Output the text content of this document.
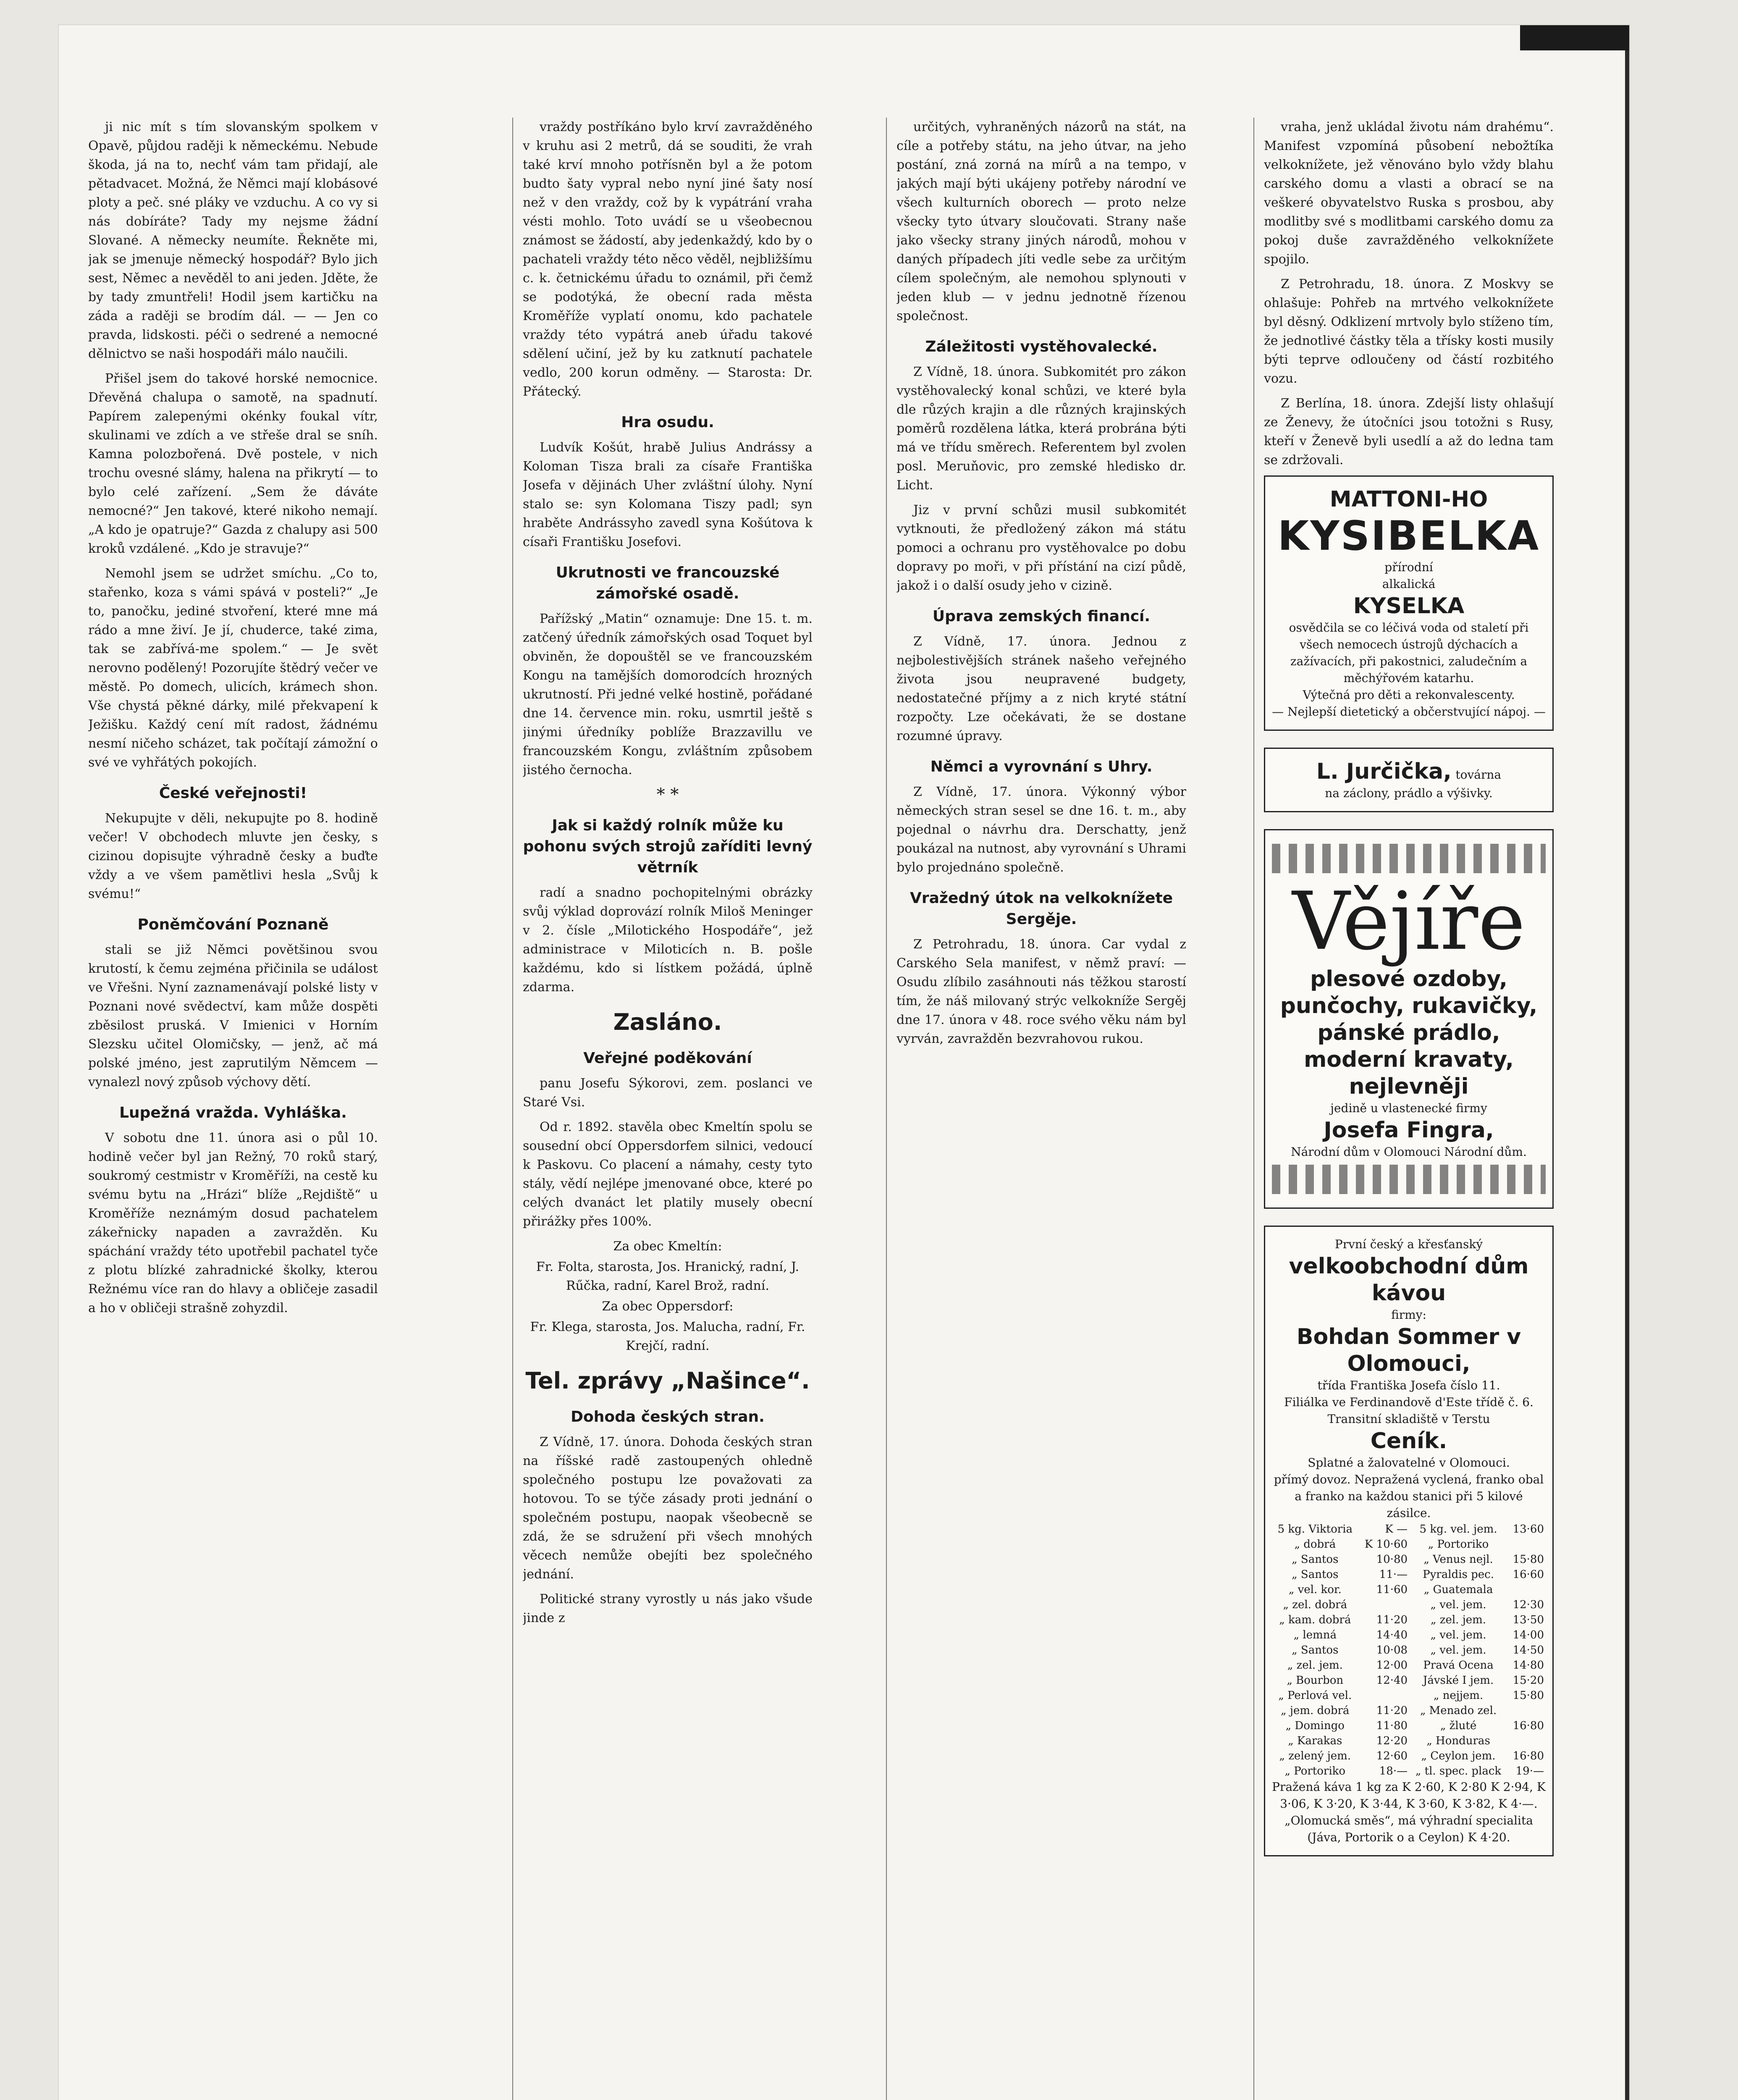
ji nic mít s tím slovanským spolkem v Opavě, půjdou raději k německému. Nebude škoda, já na to, nechť vám tam přidají, ale pětadvacet. Možná, že Němci mají klobásové ploty a peč. sné pláky ve vzduchu. A co vy si nás dobíráte? Tady my nejsme žádní Slované. A německy neumíte. Řekněte mi, jak se jmenuje německý hospodář? Bylo jich sest, Němec a nevěděl to ani jeden. Jděte, že by tady zmuntřeli! Hodil jsem kartičku na záda a raději se brodím dál. — — Jen co pravda, lidskosti. péči o sedrené a nemocné dělnictvo se naši hospodáři málo naučili.

Přišel jsem do takové horské nemocnice. Dřevěná chalupa o samotě, na spadnutí. Papírem zalepenými okénky foukal vítr, skulinami ve zdích a ve střeše dral se sníh. Kamna polozbořená. Dvě postele, v nich trochu ovesné slámy, halena na přikrytí — to bylo celé zařízení. „Sem že dáváte nemocné?“ Jen takové, které nikoho nemají. „A kdo je opatruje?“ Gazda z chalupy asi 500 kroků vzdálené. „Kdo je stravuje?“

Nemohl jsem se udržet smíchu. „Co to, stařenko, koza s vámi spává v posteli?“ „Je to, panočku, jediné stvoření, které mne má rádo a mne živí. Je jí, chuderce, také zima, tak se zabřívá-me spolem.“ — Je svět nerovno podělený! Pozorujíte štědrý večer ve městě. Po domech, ulicích, krámech shon. Vše chystá pěkné dárky, milé překvapení k Ježišku. Každý cení mít radost, žádnému nesmí ničeho scházet, tak počítají zámožní o své ve vyhřátých pokojích.

České veřejnosti!

Nekupujte v děli, nekupujte po 8. hodině večer! V obchodech mluvte jen česky, s cizinou dopisujte výhradně česky a buďte vždy a ve všem pamětlivi hesla „Svůj k svému!“

Poněmčování Poznaně

stali se již Němci povětšinou svou krutostí, k čemu zejména přičinila se událost ve Vřešni. Nyní zaznamenávají polské listy v Poznani nové svědectví, kam může dospěti zběsilost pruská. V Imienici v Horním Slezsku učitel Olomičsky, — jenž, ač má polské jméno, jest zaprutilým Němcem — vynalezl nový způsob výchovy dětí.

Lupežná vražda. Vyhláška.

V sobotu dne 11. února asi o půl 10. hodině večer byl jan Režný, 70 roků starý, soukromý cestmistr v Kroměříži, na cestě ku svému bytu na „Hrázi“ blíže „Rejdiště“ u Kroměříže neznámým dosud pachatelem zákeřnicky napaden a zavražděn. Ku spáchání vraždy této upotřebil pachatel tyče z plotu blízké zahradnické školky, kterou Režnému více ran do hlavy a obličeje zasadil a ho v obličeji strašně zohyzdil.

vraždy postříkáno bylo krví zavražděného v kruhu asi 2 metrů, dá se souditi, že vrah také krví mnoho potřísněn byl a že potom budto šaty vypral nebo nyní jiné šaty nosí než v den vraždy, což by k vypátrání vraha vésti mohlo. Toto uvádí se u všeobecnou známost se žádostí, aby jedenkaždý, kdo by o pachateli vraždy této něco věděl, nejbližšímu c. k. četnickému úřadu to oznámil, při čemž se podotýká, že obecní rada města Kroměříže vyplatí onomu, kdo pachatele vraždy této vypátrá aneb úřadu takové sdělení učiní, jež by ku zatknutí pachatele vedlo, 200 korun odměny. — Starosta: Dr. Přátecký.

Hra osudu.

Ludvík Košút, hrabě Julius Andrássy a Koloman Tisza brali za císaře Františka Josefa v dějinách Uher zvláštní úlohy. Nyní stalo se: syn Kolomana Tiszy padl; syn hraběte Andrássyho zavedl syna Košútova k císaři Františku Josefovi.

Ukrutnosti ve francouzské zámořské osadě.

Pařížský „Matin“ oznamuje: Dne 15. t. m. zatčený úředník zámořských osad Toquet byl obviněn, že dopouštěl se ve francouzském Kongu na tamějších domorodcích hrozných ukrutností. Při jedné velké hostině, pořádané dne 14. července min. roku, usmrtil ještě s jinými úředníky poblíže Brazzavillu ve francouzském Kongu, zvláštním způsobem jistého černocha.

* *
Jak si každý rolník může ku pohonu svých strojů zaříditi levný větrník

radí a snadno pochopitelnými obrázky svůj výklad doprovází rolník Miloš Meninger v 2. čísle „Milotického Hospodáře“, jež administrace v Miloticích n. B. pošle každému, kdo si lístkem požádá, úplně zdarma.

Zasláno.
Veřejné poděkování

panu Josefu Sýkorovi, zem. poslanci ve Staré Vsi.

Od r. 1892. stavěla obec Kmeltín spolu se sousední obcí Oppersdorfem silnici, vedoucí k Paskovu. Co placení a námahy, cesty tyto stály, vědí nejlépe jmenované obce, které po celých dvanáct let platily musely obecní přirážky přes 100%.

Za obec Kmeltín:

Fr. Folta, starosta, Jos. Hranický, radní, J. Rűčka, radní, Karel Brož, radní.

Za obec Oppersdorf:

Fr. Klega, starosta, Jos. Malucha, radní, Fr. Krejčí, radní.

Tel. zprávy „Našince“.
Dohoda českých stran.

Z Vídně, 17. února. Dohoda českých stran na říšské radě zastoupených ohledně společného postupu lze považovati za hotovou. To se týče zásady proti jednání o společném postupu, naopak všeobecně se zdá, že se sdružení při všech mnohých věcech nemůže obejíti bez společného jednání.

Politické strany vyrostly u nás jako všude jinde z

určitých, vyhraněných názorů na stát, na cíle a potřeby státu, na jeho útvar, na jeho postání, zná zorná na mírů a na tempo, v jakých mají býti ukájeny potřeby národní ve všech kulturních oborech — proto nelze všecky tyto útvary sloučovati. Strany naše jako všecky strany jiných národů, mohou v daných případech jíti vedle sebe za určitým cílem společným, ale nemohou splynouti v jeden klub — v jednu jednotně řízenou společnost.

Záležitosti vystěhovalecké.

Z Vídně, 18. února. Subkomitét pro zákon vystěhovalecký konal schůzi, ve které byla dle růzých krajin a dle různých krajinských poměrů rozdělena látka, která probrána býti má ve třídu směrech. Referentem byl zvolen posl. Meruňovic, pro zemské hledisko dr. Licht.

Jiz v první schůzi musil subkomitét vytknouti, že předložený zákon má státu pomoci a ochranu pro vystěhovalce po dobu dopravy po moři, v při přístání na cizí půdě, jakož i o další osudy jeho v cizině.

Úprava zemských financí.

Z Vídně, 17. února. Jednou z nejbolestivějších stránek našeho veřejného života jsou neupravené budgety, nedostatečné příjmy a z nich kryté státní rozpočty. Lze očekávati, že se dostane rozumné úpravy.

Němci a vyrovnání s Uhry.

Z Vídně, 17. února. Výkonný výbor německých stran sesel se dne 16. t. m., aby pojednal o návrhu dra. Derschatty, jenž poukázal na nutnost, aby vyrovnání s Uhrami bylo projednáno společně.

Vražedný útok na velkoknížete Sergěje.

Z Petrohradu, 18. února. Car vydal z Carského Sela manifest, v němž praví: — Osudu zlíbilo zasáhnouti nás těžkou starostí tím, že náš milovaný strýc velkokníže Sergěj dne 17. února v 48. roce svého věku nám byl vyrván, zavražděn bezvrahovou rukou.

vraha, jenž ukládal životu nám drahému“. Manifest vzpomíná působení nebožtíka velkoknížete, jež věnováno bylo vždy blahu carského domu a vlasti a obrací se na veškeré obyvatelstvo Ruska s prosbou, aby modlitby své s modlitbami carského domu za pokoj duše zavražděného velkoknížete spojilo.

Z Petrohradu, 18. února. Z Moskvy se ohlašuje: Pohřeb na mrtvého velkoknížete byl děsný. Odklizení mrtvoly bylo stíženo tím, že jednotlivé částky těla a třísky kosti musily býti teprve odloučeny od částí rozbitého vozu.

Z Berlína, 18. února. Zdejší listy ohlašují ze Ženevy, že útočníci jsou totožni s Rusy, kteří v Ženevě byli usedlí a až do ledna tam se zdržovali.

MATTONI-HO
KYSIBELKA
přírodní
alkalická
KYSELKA
osvědčila se co léčivá voda od staletí při všech nemocech ústrojů dýchacích a zažívacích, při pakostnici, zaludečním a měchýřovém katarhu.
Výtečná pro děti a rekonvalescenty.
— Nejlepší dietetický a občerstvující nápoj. —
L. Jurčička, továrna
na záclony, prádlo a výšivky.
Vějíře
plesové ozdoby,
punčochy, rukavičky,
pánské prádlo,
moderní kravaty,
nejlevněji
jedině u vlastenecké firmy
Josefa Fingra,
Národní dům v Olomouci Národní dům.
První český a křesťanský
velkoobchodní dům kávou
firmy:
Bohdan Sommer v Olomouci,
třída Františka Josefa číslo 11.
Filiálka ve Ferdinandově d'Este třídě č. 6.
Transitní skladiště v Terstu
Ceník.
Splatné a žalovatelné v Olomouci.
přímý dovoz. Nepražená vyclená, franko obal a franko na každou stanici při 5 kilové zásilce.
5 kg. Viktoria	K —	5 kg. vel. jem.	13·60
„ dobrá	K 10·60	„ Portoriko	
„ Santos	10·80	„ Venus nejl.	15·80
„ Santos	11·—	Pyraldis pec.	16·60
„ vel. kor.	11·60	„ Guatemala	
„ zel. dobrá		„ vel. jem.	12·30
„ kam. dobrá	11·20	„ zel. jem.	13·50
„ lemná	14·40	„ vel. jem.	14·00
„ Santos	10·08	„ vel. jem.	14·50
„ zel. jem.	12·00	Pravá Ocena	14·80
„ Bourbon	12·40	Jávské I jem.	15·20
„ Perlová vel.		„ nejjem.	15·80
„ jem. dobrá	11·20	„ Menado zel.	
„ Domingo	11·80	„ žluté	16·80
„ Karakas	12·20	„ Honduras	
„ zelený jem.	12·60	„ Ceylon jem.	16·80
„ Portoriko	18·—	„ tl. spec. plack	19·—
Pražená káva 1 kg za K 2·60, K 2·80 K 2·94, K 3·06, K 3·20, K 3·44, K 3·60, K 3·82, K 4·—.
„Olomucká směs“, má výhradní specialita (Jáva, Portorik o a Ceylon) K 4·20.
